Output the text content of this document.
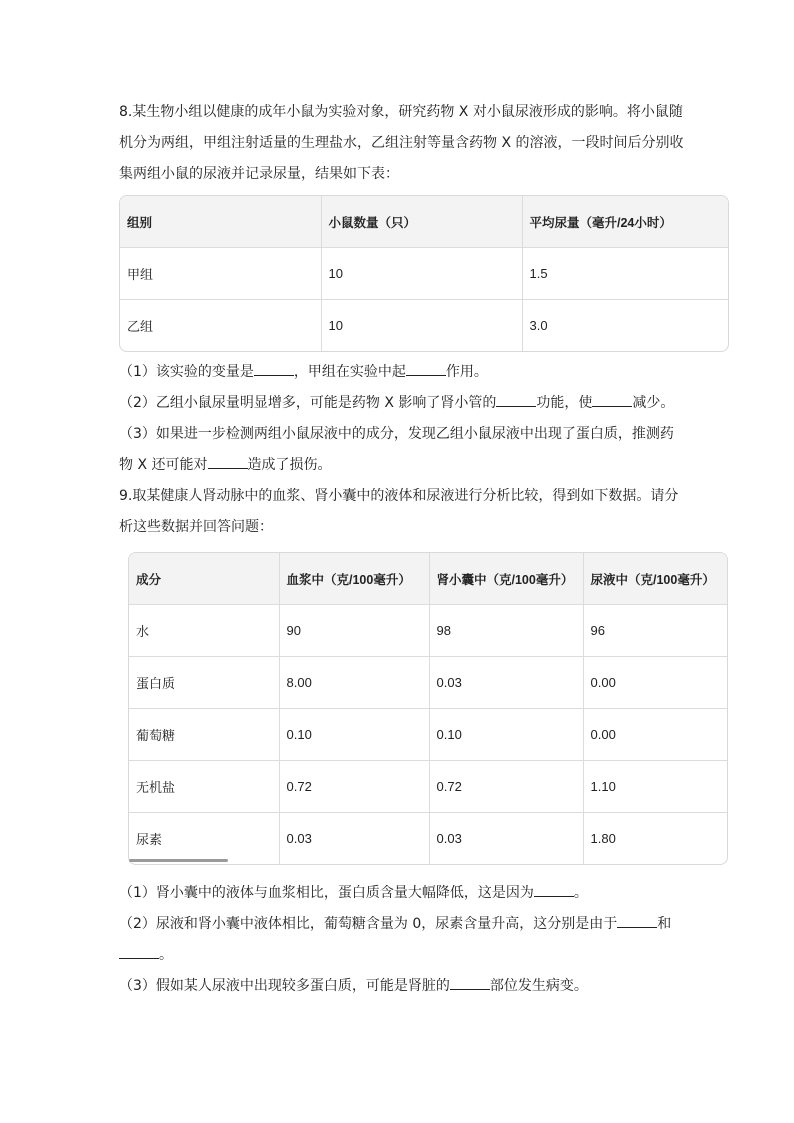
8.某生物小组以健康的成年小鼠为实验对象，研究药物 X 对小鼠尿液形成的影响。将小鼠随
机分为两组，甲组注射适量的生理盐水，乙组注射等量含药物 X 的溶液，一段时间后分别收
集两组小鼠的尿液并记录尿量，结果如下表：
组别	小鼠数量（只）	平均尿量（毫升/24小时）
甲组	10	1.5
乙组	10	3.0
（1）该实验的变量是	，甲组在实验中起	作用。
（2）乙组小鼠尿量明显增多，可能是药物 X 影响了肾小管的	功能，使	减少。
（3）如果进一步检测两组小鼠尿液中的成分，发现乙组小鼠尿液中出现了蛋白质，推测药
物 X 还可能对	造成了损伤。
9.取某健康人肾动脉中的血浆、肾小囊中的液体和尿液进行分析比较，得到如下数据。请分
析这些数据并回答问题：
成分	血浆中（克/100毫升）	肾小囊中（克/100毫升）	尿液中（克/100毫升）
水	90	98	96
蛋白质	8.00	0.03	0.00
葡萄糖	0.10	0.10	0.00
无机盐	0.72	0.72	1.10
尿素	0.03	0.03	1.80
（1）肾小囊中的液体与血浆相比，蛋白质含量大幅降低，这是因为	。
（2）尿液和肾小囊中液体相比，葡萄糖含量为 0，尿素含量升高，这分别是由于	和
。
（3）假如某人尿液中出现较多蛋白质，可能是肾脏的	部位发生病变。
